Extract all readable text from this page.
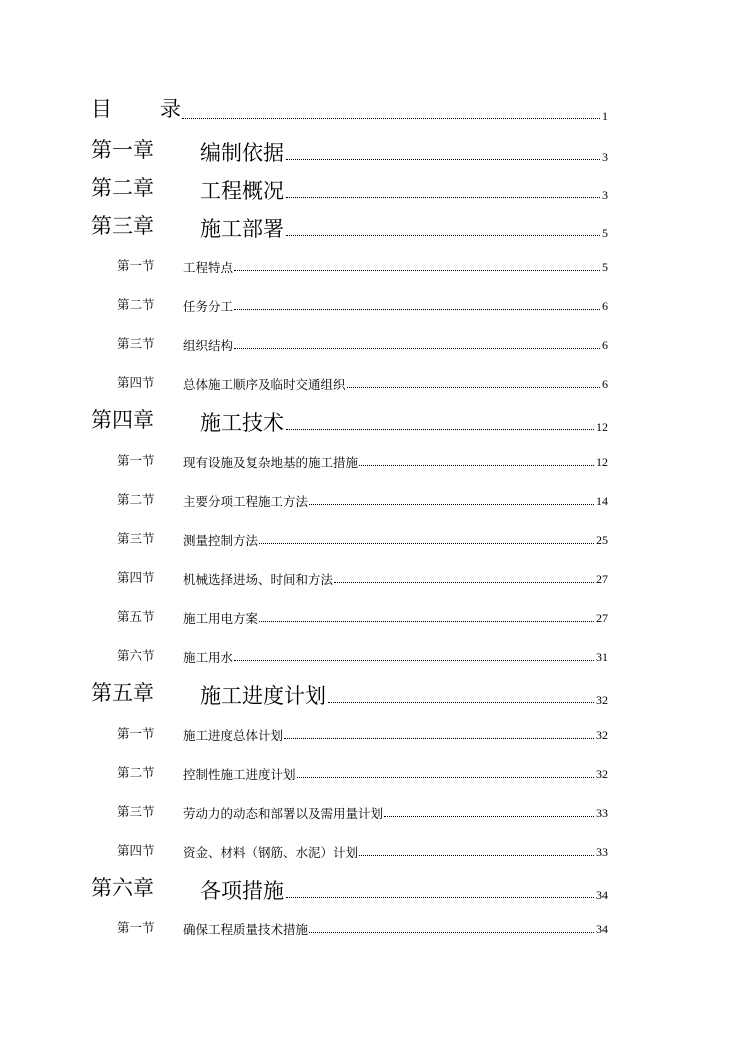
目 录	1
第一章 编制依据	3
第二章 工程概况	3
第三章 施工部署	5
第一节 工程特点	5
第二节 任务分工	6
第三节 组织结构	6
第四节 总体施工顺序及临时交通组织	6
第四章 施工技术	12
第一节 现有设施及复杂地基的施工措施	12
第二节 主要分项工程施工方法	14
第三节 测量控制方法	25
第四节 机械选择进场、时间和方法	27
第五节 施工用电方案	27
第六节 施工用水	31
第五章 施工进度计划	32
第一节 施工进度总体计划	32
第二节 控制性施工进度计划	32
第三节 劳动力的动态和部署以及需用量计划	33
第四节 资金、材料（钢筋、水泥）计划	33
第六章 各项措施	34
第一节 确保工程质量技术措施	34
